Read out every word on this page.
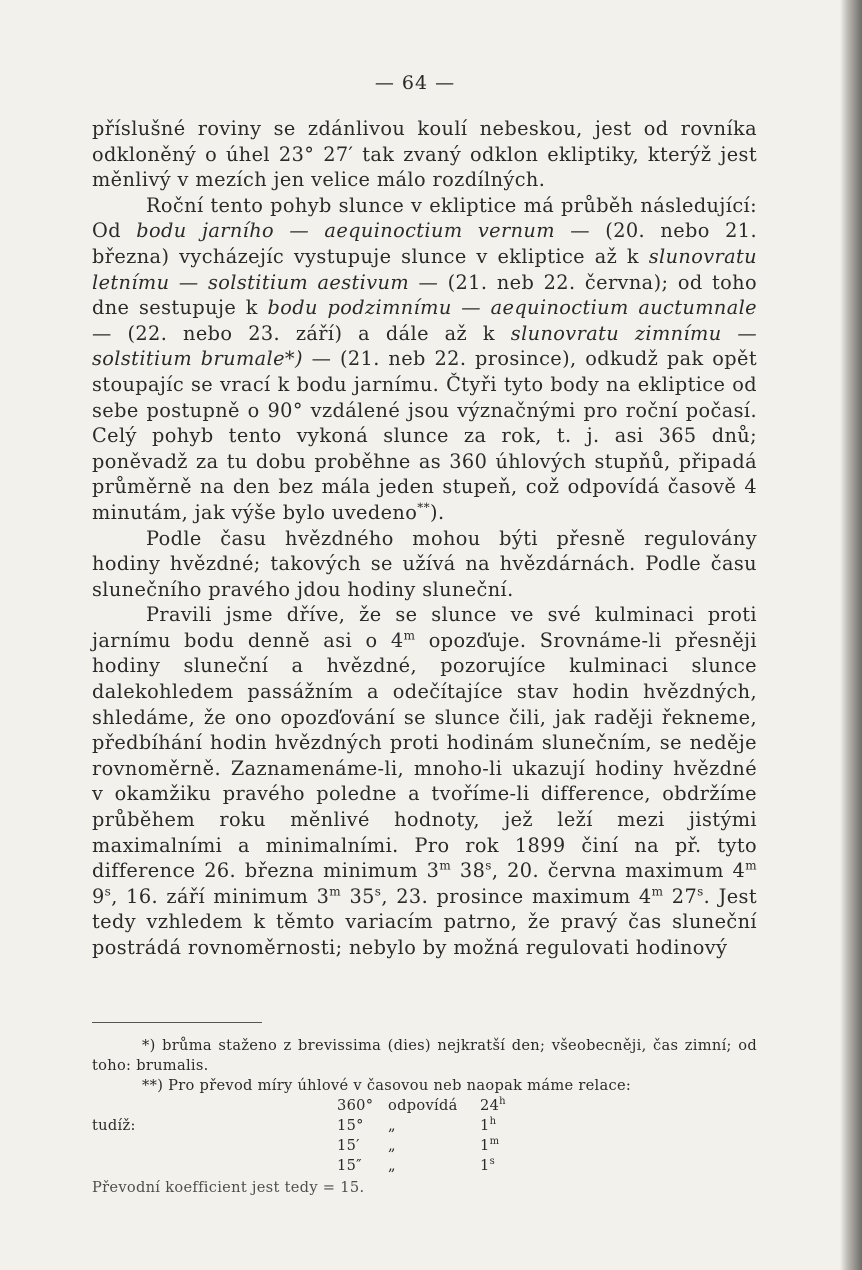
— 64 —

příslušné roviny se zdánlivou koulí nebeskou, jest od rovníka odkloněný o úhel 23° 27′ tak zvaný odklon ekliptiky, kterýž jest měnlivý v mezích jen velice málo rozdílných.

Roční tento pohyb slunce v ekliptice má průběh následující: Od bodu jarního — aequinoctium vernum — (20. nebo 21. března) vycházejíc vystupuje slunce v ekliptice až k slunovratu letnímu — solstitium aestivum — (21. neb 22. června); od toho dne sestupuje k bodu podzimnímu — aequinoctium auctumnale — (22. nebo 23. září) a dále až k slunovratu zimnímu — solstitium brumale*) — (21. neb 22. prosince), odkudž pak opět stoupajíc se vrací k bodu jarnímu. Čtyři tyto body na ekliptice od sebe postupně o 90° vzdálené jsou význačnými pro roční počasí. Celý pohyb tento vykoná slunce za rok, t. j. asi 365 dnů; poněvadž za tu dobu proběhne as 360 úhlových stupňů, připadá průměrně na den bez mála jeden stupeň, což odpovídá časově 4 minutám, jak výše bylo uvedeno**).

Podle času hvězdného mohou býti přesně regulovány hodiny hvězdné; takových se užívá na hvězdárnách. Podle času slunečního pravého jdou hodiny sluneční.

Pravili jsme dříve, že se slunce ve své kulminaci proti jarnímu bodu denně asi o 4$^m$ opozďuje. Srovnáme-li přesněji hodiny sluneční a hvězdné, pozorujíce kulminaci slunce dalekohledem passážním a odečítajíce stav hodin hvězdných, shledáme, že ono opozďování se slunce čili, jak raději řekneme, předbíhání hodin hvězdných proti hodinám slunečním, se neděje rovnoměrně. Zaznamenáme-li, mnoho-li ukazují hodiny hvězdné v okamžiku pravého poledne a tvoříme-li differencе, obdržíme průběhem roku měnlivé hodnoty, jež leží mezi jistými maximalními a minimalními. Pro rok 1899 činí na př. tyto differencе 26. března minimum 3$^m$ 38$^s$, 20. června maximum 4$^m$ 9$^s$, 16. září minimum 3$^m$ 35$^s$, 23. prosince maximum 4$^m$ 27$^s$. Jest tedy vzhledem k těmto variacím patrno, že pravý čas sluneční postrádá rovnoměrnosti; nebylo by možná regulovati hodinový

*) brůma staženo z brevissima (dies) nejkratší den; všeobecněji, čas zimní; od toho: brumalis.

**) Pro převod míry úhlové v časovou neb naopak máme relace:

360° odpovídá 24$^h$
tudíž:	15° „	1$^h$
15′ „	1$^m$
15″ „	1$^s$

Převodní koefficient jest tedy = 15.
